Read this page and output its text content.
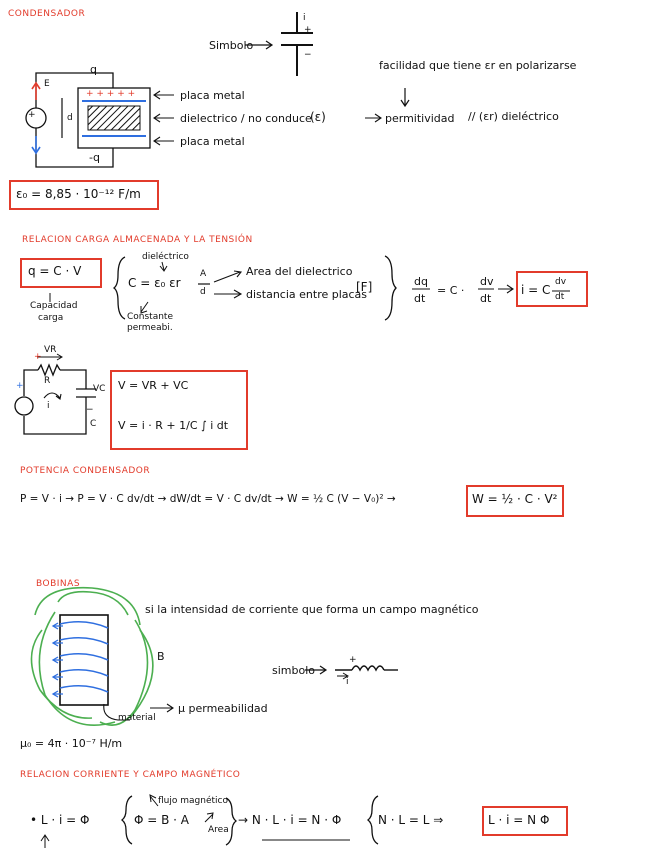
CONDENSADOR
Simbolo
i
+
−
facilidad que tiene εr en polarizarse
q
E
d
+ + + + +
− − − − −
-q
+
placa metal
dielectrico / no conduce
(ε)	permitividad // (εr) dieléctrico
placa metal
ε₀ = 8,85 · 10⁻¹² F/m
RELACION CARGA ALMACENADA Y LA TENSIÓN
q = C · V
Capacidad
carga
dieléctrico
C = ε₀ εr
A
d
Area del dielectrico
distancia entre placas
Constante
permeabi.
[F]	dq
dt
= C ·
dv
dt
i = C
dv
dt
VR
R
VC
C
i
+
+
−
V = VR + VC
V = i · R + 1/C ∫ i dt
POTENCIA CONDENSADOR
P = V · i → P = V · C dv/dt → dW/dt = V · C dv/dt → W = ½ C (V − V₀)² →	W = ½ · C · V²
BOBINAS
si la intensidad de corriente que forma un campo magnético
B
simbolo
i
+
material
μ permeabilidad
μ₀ = 4π · 10⁻⁷ H/m
RELACION CORRIENTE Y CAMPO MAGNÉTICO
flujo magnético
• L · i = Φ	Φ = B · A
Area
→ N · L · i = N · Φ	N · L = L ⇒	L · i = N Φ
